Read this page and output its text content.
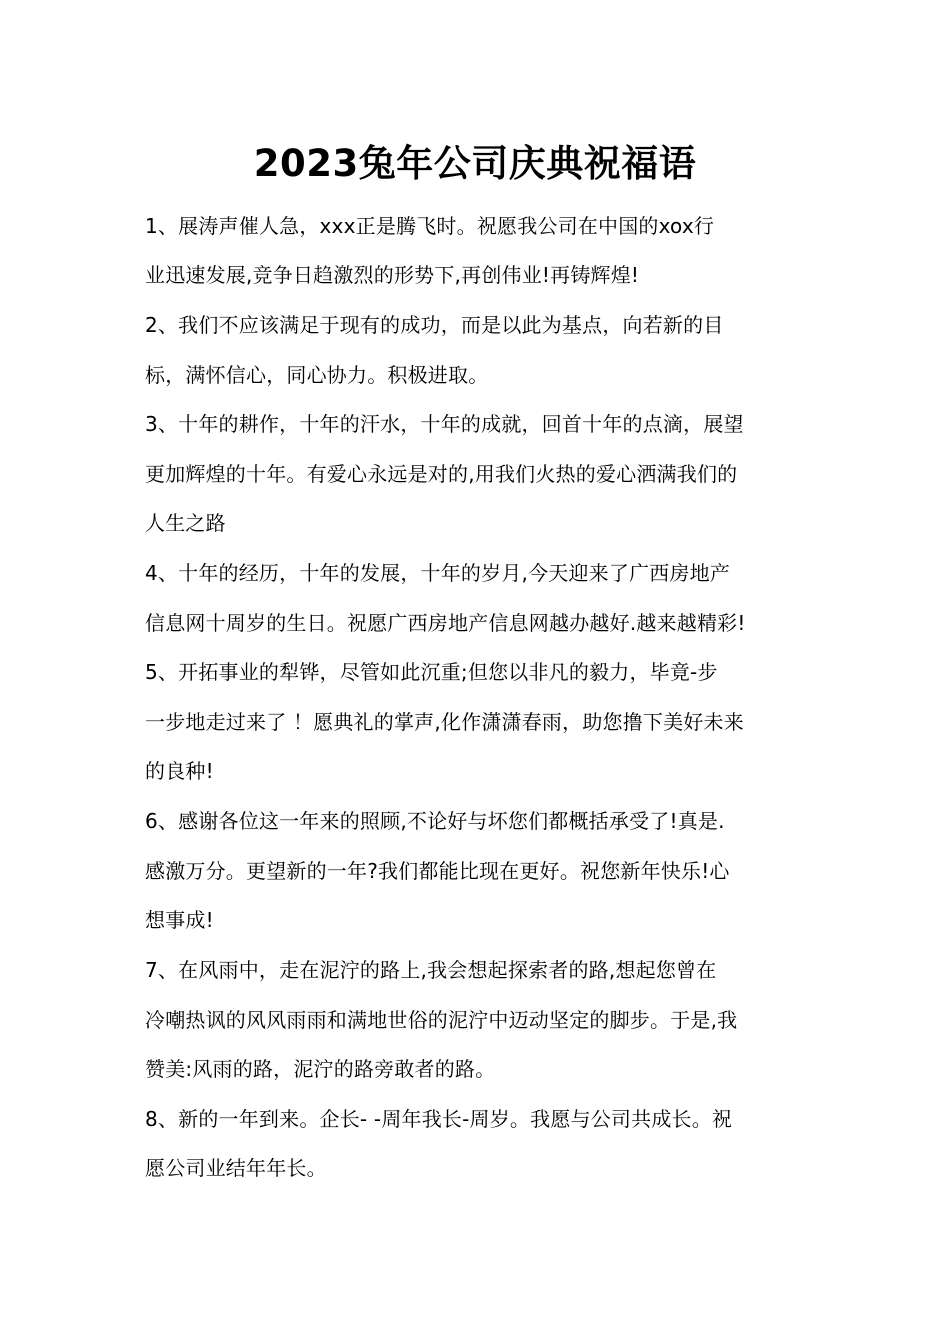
2023兔年公司庆典祝福语
1、展涛声催人急，xxx正是腾飞时。祝愿我公司在中国的xox行
业迅速发展,竞争日趋激烈的形势下,再创伟业!再铸辉煌!
2、我们不应该满足于现有的成功，而是以此为基点，向若新的目
标，满怀信心，同心协力。积极进取。
3、十年的耕作，十年的汗水，十年的成就，回首十年的点滴，展望
更加辉煌的十年。有爱心永远是对的,用我们火热的爱心洒满我们的
人生之路
4、十年的经历，十年的发展，十年的岁月,今天迎来了广西房地产
信息网十周岁的生日。祝愿广西房地产信息网越办越好.越来越精彩!
5、开拓事业的犁铧，尽管如此沉重;但您以非凡的毅力，毕竟-步
一步地走过来了 ！愿典礼的掌声,化作潇潇春雨，助您撸下美好未来
的良种!
6、感谢各位这一年来的照顾,不论好与坏您们都概括承受了!真是.
感激万分。更望新的一年?我们都能比现在更好。祝您新年快乐!心
想事成!
7、在风雨中，走在泥泞的路上,我会想起探索者的路,想起您曾在
冷嘲热讽的风风雨雨和满地世俗的泥泞中迈动坚定的脚步。于是,我
赞美:风雨的路，泥泞的路旁敢者的路。
8、新的一年到来。企长- -周年我长-周岁。我愿与公司共成长。祝
愿公司业结年年长。
